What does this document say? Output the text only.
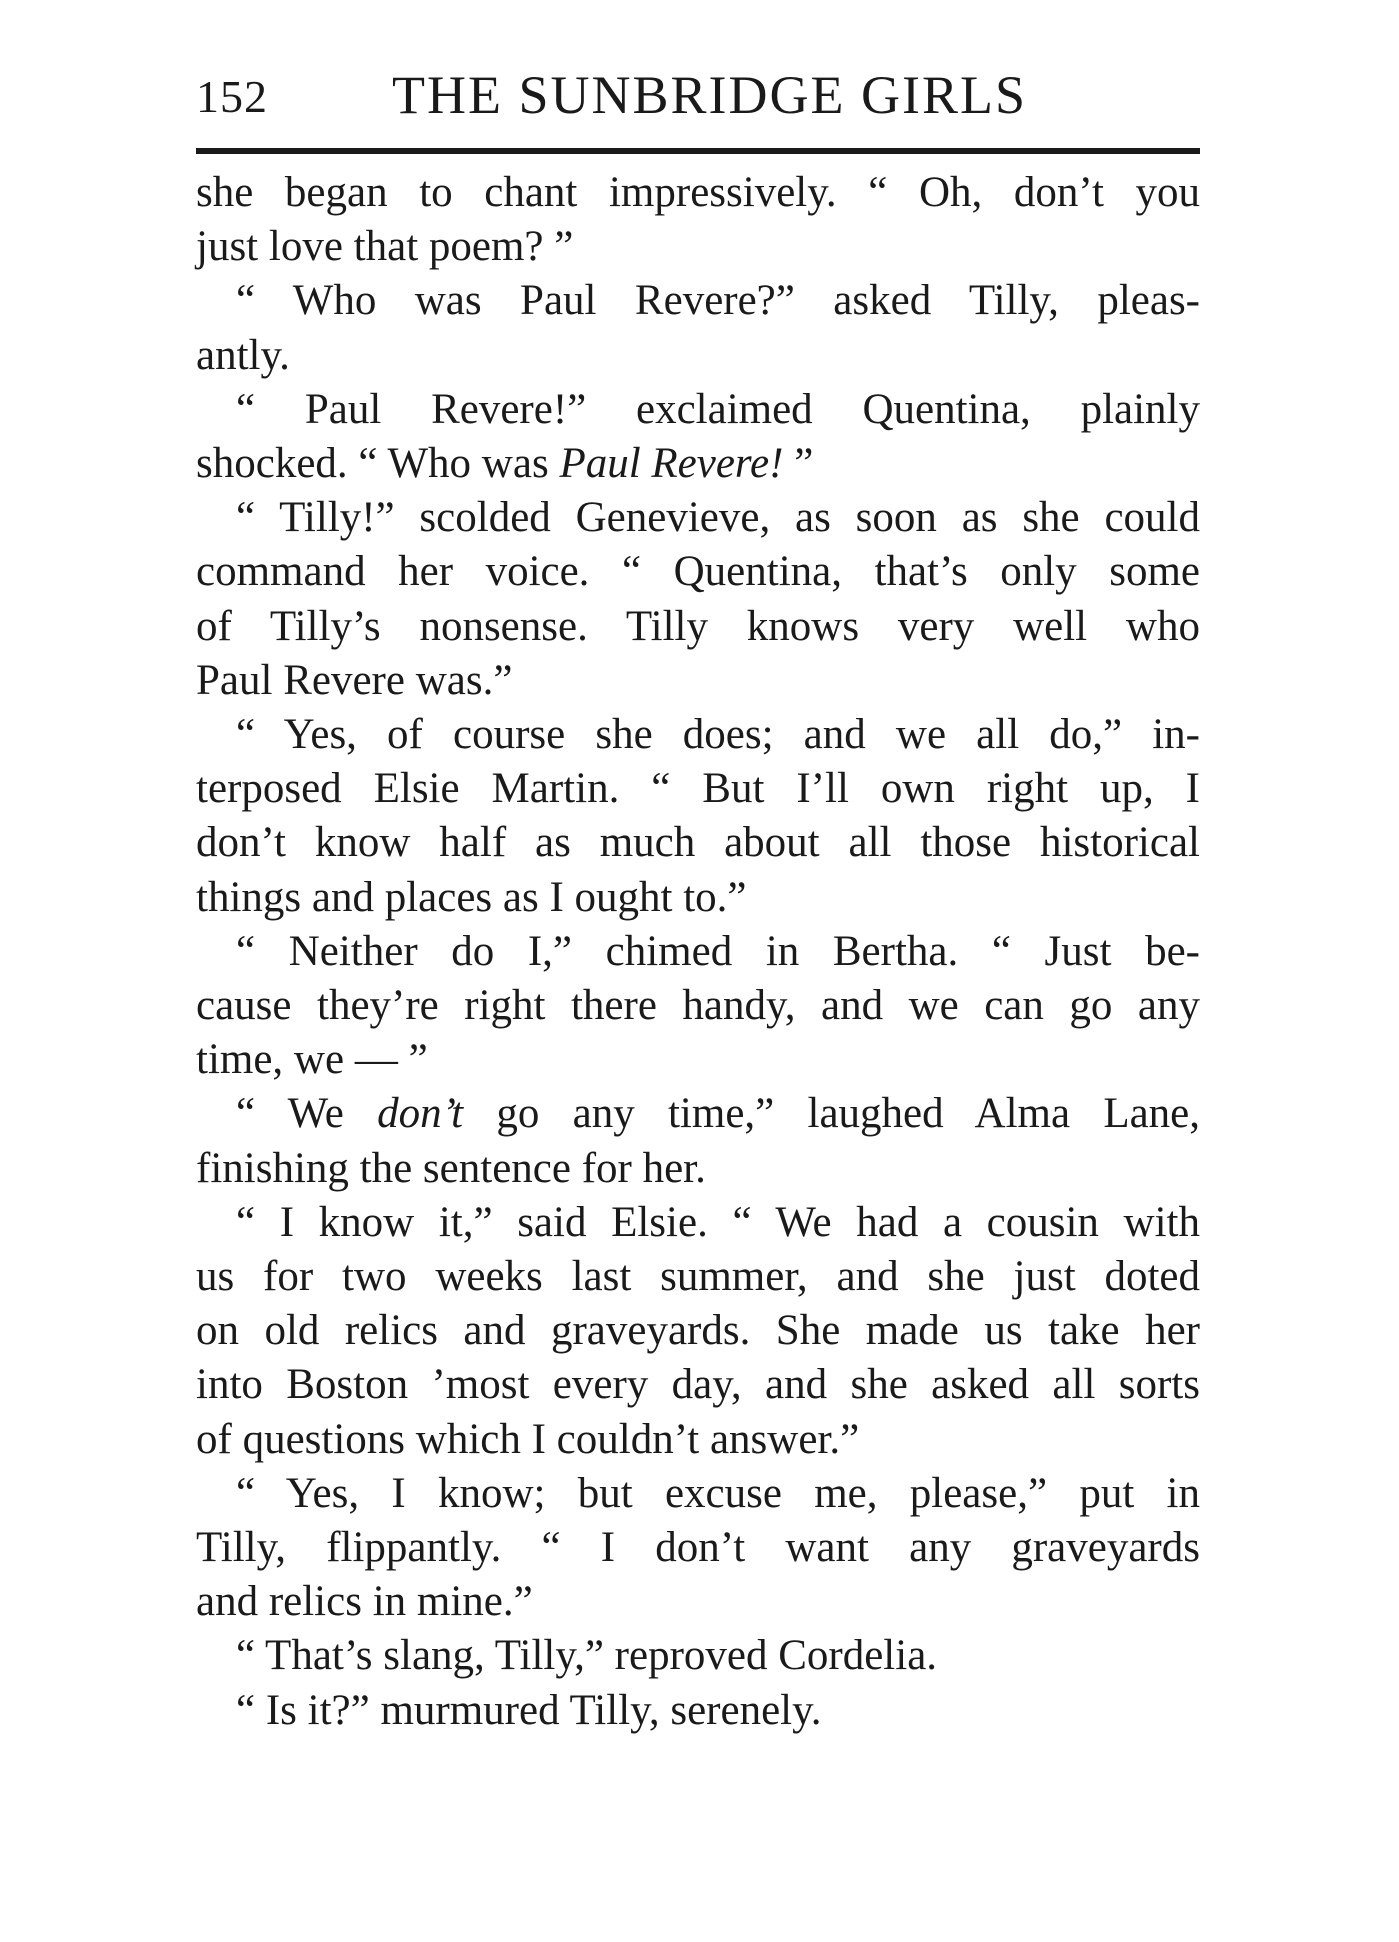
152 THE SUNBRIDGE GIRLS
she began to chant impressively. “ Oh, don’t you
just love that poem? ”
“ Who was Paul Revere?” asked Tilly, pleas-
antly.
“ Paul Revere!” exclaimed Quentina, plainly
shocked. “ Who was Paul Revere! ”
“ Tilly!” scolded Genevieve, as soon as she could
command her voice. “ Quentina, that’s only some
of Tilly’s nonsense. Tilly knows very well who
Paul Revere was.”
“ Yes, of course she does; and we all do,” in-
terposed Elsie Martin. “ But I’ll own right up, I
don’t know half as much about all those historical
things and places as I ought to.”
“ Neither do I,” chimed in Bertha. “ Just be-
cause they’re right there handy, and we can go any
time, we — ”
“ We don’t go any time,” laughed Alma Lane,
finishing the sentence for her.
“ I know it,” said Elsie. “ We had a cousin with
us for two weeks last summer, and she just doted
on old relics and graveyards. She made us take her
into Boston ’most every day, and she asked all sorts
of questions which I couldn’t answer.”
“ Yes, I know; but excuse me, please,” put in
Tilly, flippantly. “ I don’t want any graveyards
and relics in mine.”
“ That’s slang, Tilly,” reproved Cordelia.
“ Is it?” murmured Tilly, serenely.
